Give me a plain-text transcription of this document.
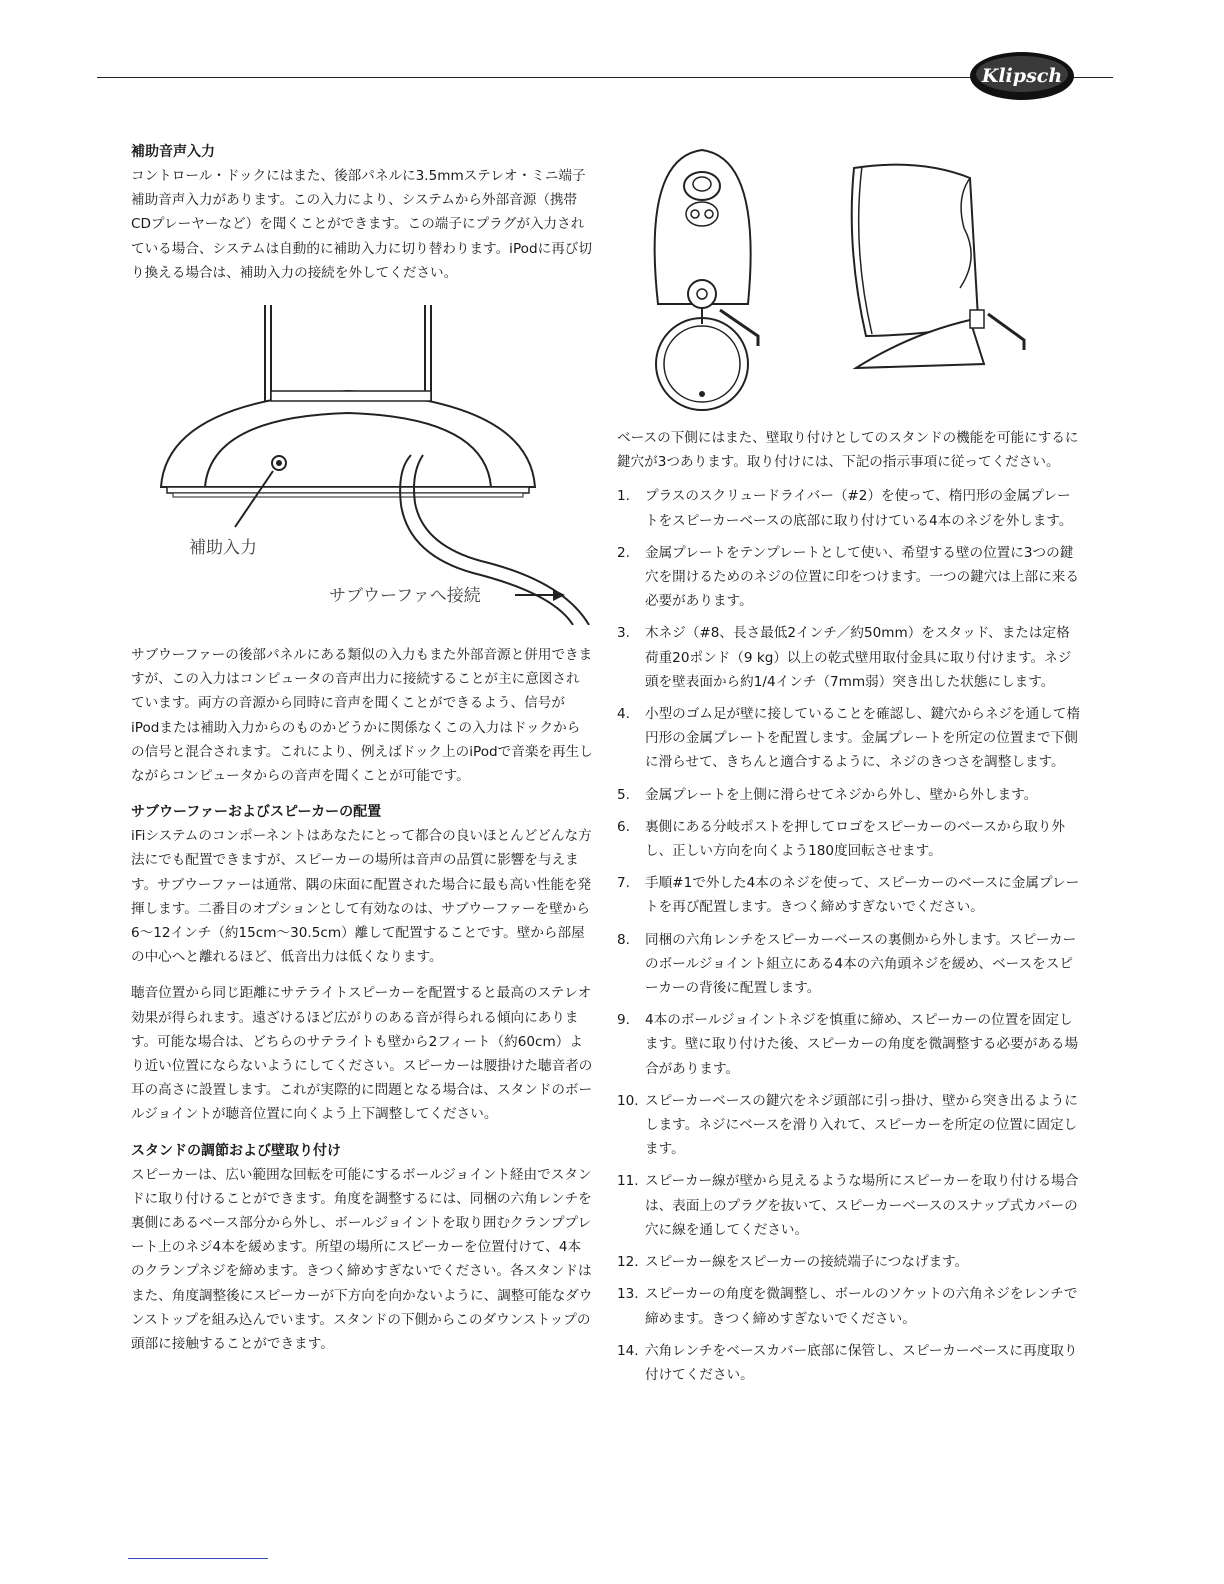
Klipsch
補助音声入力

コントロール・ドックにはまた、後部パネルに3.5mmステレオ・ミニ端子補助音声入力があります。この入力により、システムから外部音源（携帯CDプレーヤーなど）を聞くことができます。この端子にプラグが入力されている場合、システムは自動的に補助入力に切り替わります。iPodに再び切り換える場合は、補助入力の接続を外してください。

補助入力
サブウーファへ接続

サブウーファーの後部パネルにある類似の入力もまた外部音源と併用できますが、この入力はコンピュータの音声出力に接続することが主に意図されています。両方の音源から同時に音声を聞くことができるよう、信号がiPodまたは補助入力からのものかどうかに関係なくこの入力はドックからの信号と混合されます。これにより、例えばドック上のiPodで音楽を再生しながらコンピュータからの音声を聞くことが可能です。

サブウーファーおよびスピーカーの配置

iFiシステムのコンポーネントはあなたにとって都合の良いほとんどどんな方法にでも配置できますが、スピーカーの場所は音声の品質に影響を与えます。サブウーファーは通常、隅の床面に配置された場合に最も高い性能を発揮します。二番目のオプションとして有効なのは、サブウーファーを壁から6～12インチ（約15cm～30.5cm）離して配置することです。壁から部屋の中心へと離れるほど、低音出力は低くなります。

聴音位置から同じ距離にサテライトスピーカーを配置すると最高のステレオ効果が得られます。遠ざけるほど広がりのある音が得られる傾向にあります。可能な場合は、どちらのサテライトも壁から2フィート（約60cm）より近い位置にならないようにしてください。スピーカーは腰掛けた聴音者の耳の高さに設置します。これが実際的に問題となる場合は、スタンドのボールジョイントが聴音位置に向くよう上下調整してください。

スタンドの調節および壁取り付け

スピーカーは、広い範囲な回転を可能にするボールジョイント経由でスタンドに取り付けることができます。角度を調整するには、同梱の六角レンチを裏側にあるベース部分から外し、ボールジョイントを取り囲むクランププレート上のネジ4本を緩めます。所望の場所にスピーカーを位置付けて、4本のクランプネジを締めます。きつく締めすぎないでください。各スタンドはまた、角度調整後にスピーカーが下方向を向かないように、調整可能なダウンストップを組み込んでいます。スタンドの下側からこのダウンストップの頭部に接触することができます。

ベースの下側にはまた、壁取り付けとしてのスタンドの機能を可能にするに鍵穴が3つあります。取り付けには、下記の指示事項に従ってください。

1.	プラスのスクリュードライバー（#2）を使って、楕円形の金属プレートをスピーカーベースの底部に取り付けている4本のネジを外します。
2.	金属プレートをテンプレートとして使い、希望する壁の位置に3つの鍵穴を開けるためのネジの位置に印をつけます。一つの鍵穴は上部に来る必要があります。
3.	木ネジ（#8、長さ最低2インチ／約50mm）をスタッド、または定格荷重20ポンド（9 kg）以上の乾式壁用取付金具に取り付けます。ネジ頭を壁表面から約1/4インチ（7mm弱）突き出した状態にします。
4.	小型のゴム足が壁に接していることを確認し、鍵穴からネジを通して楕円形の金属プレートを配置します。金属プレートを所定の位置まで下側に滑らせて、きちんと適合するように、ネジのきつさを調整します。
5.	金属プレートを上側に滑らせてネジから外し、壁から外します。
6.	裏側にある分岐ポストを押してロゴをスピーカーのベースから取り外し、正しい方向を向くよう180度回転させます。
7.	手順#1で外した4本のネジを使って、スピーカーのベースに金属プレートを再び配置します。きつく締めすぎないでください。
8.	同梱の六角レンチをスピーカーベースの裏側から外します。スピーカーのボールジョイント組立にある4本の六角頭ネジを緩め、ベースをスピーカーの背後に配置します。
9.	4本のボールジョイントネジを慎重に締め、スピーカーの位置を固定します。壁に取り付けた後、スピーカーの角度を微調整する必要がある場合があります。
10. スピーカーベースの鍵穴をネジ頭部に引っ掛け、壁から突き出るようにします。ネジにベースを滑り入れて、スピーカーを所定の位置に固定します。
11. スピーカー線が壁から見えるような場所にスピーカーを取り付ける場合は、表面上のプラグを抜いて、スピーカーベースのスナップ式カバーの穴に線を通してください。
12. スピーカー線をスピーカーの接続端子につなげます。
13. スピーカーの角度を微調整し、ボールのソケットの六角ネジをレンチで締めます。きつく締めすぎないでください。
14. 六角レンチをベースカバー底部に保管し、スピーカーベースに再度取り付けてください。
